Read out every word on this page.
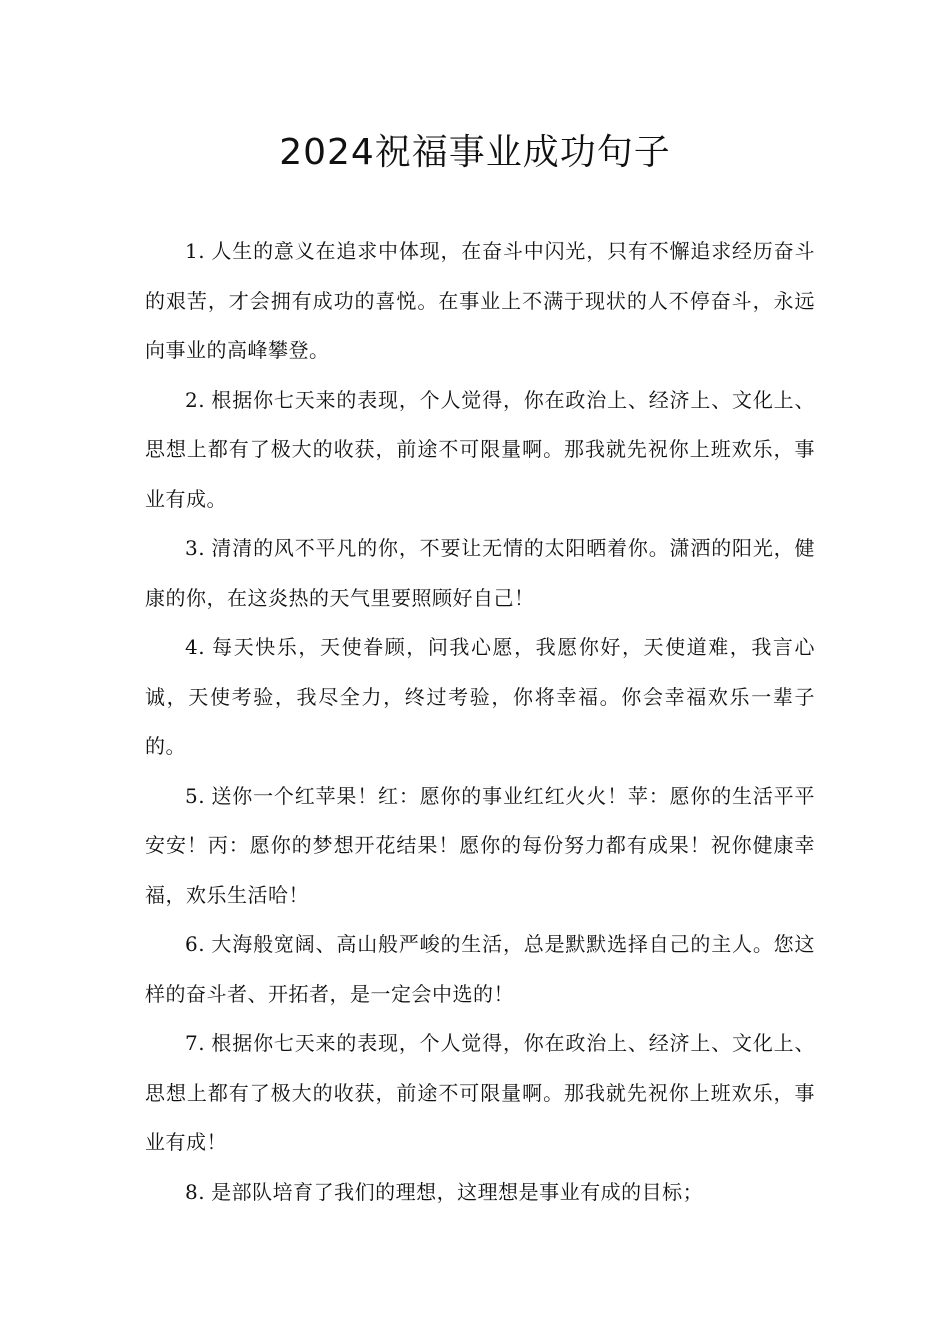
2024祝福事业成功句子

1. 人生的意义在追求中体现，在奋斗中闪光，只有不懈追求经历奋斗的艰苦，才会拥有成功的喜悦。在事业上不满于现状的人不停奋斗，永远向事业的高峰攀登。

2. 根据你七天来的表现，个人觉得，你在政治上、经济上、文化上、思想上都有了极大的收获，前途不可限量啊。那我就先祝你上班欢乐，事业有成。

3. 清清的风不平凡的你，不要让无情的太阳晒着你。潇洒的阳光，健康的你，在这炎热的天气里要照顾好自己！

4. 每天快乐，天使眷顾，问我心愿，我愿你好，天使道难，我言心诚，天使考验，我尽全力，终过考验，你将幸福。你会幸福欢乐一辈子的。

5. 送你一个红苹果！红：愿你的事业红红火火！苹：愿你的生活平平安安！丙：愿你的梦想开花结果！愿你的每份努力都有成果！祝你健康幸福，欢乐生活哈！

6. 大海般宽阔、高山般严峻的生活，总是默默选择自己的主人。您这样的奋斗者、开拓者，是一定会中选的！

7. 根据你七天来的表现，个人觉得，你在政治上、经济上、文化上、思想上都有了极大的收获，前途不可限量啊。那我就先祝你上班欢乐，事业有成！

8. 是部队培育了我们的理想，这理想是事业有成的目标；
